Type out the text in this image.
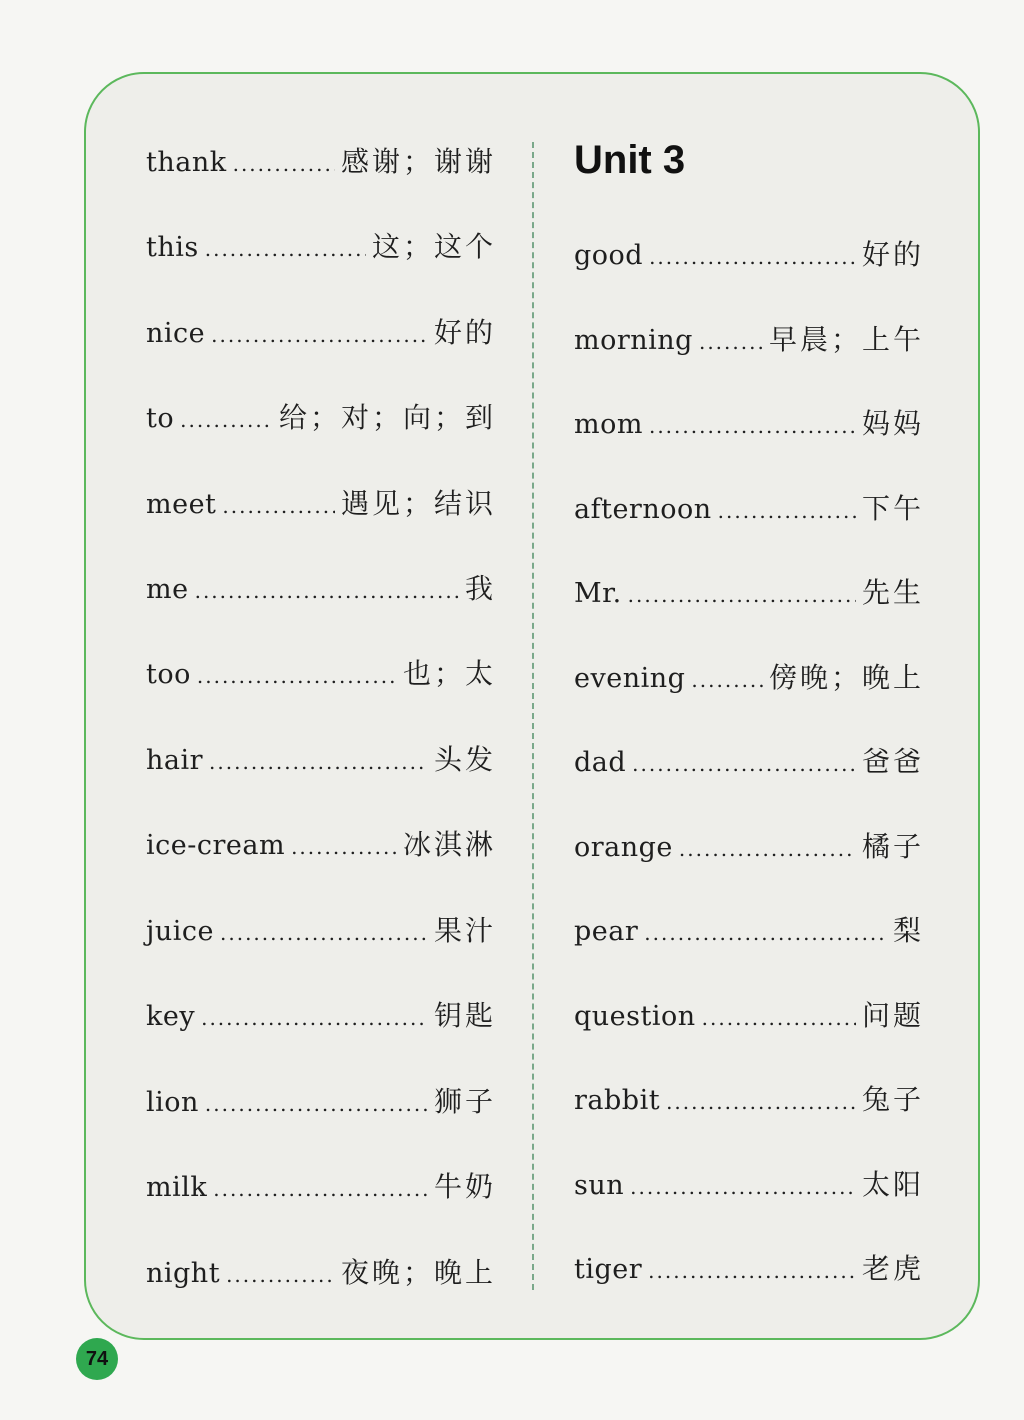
thank .....	感谢；谢谢
this .....	这；这个
nice .....	好的
to .....	给；对；向；到
meet .....	遇见；结识
me .....	我
too .....	也；太
hair .....	头发
ice-cream .....	冰淇淋
juice .....	果汁
key .....	钥匙
lion .....	狮子
milk .....	牛奶
night .....	夜晚；晚上
Unit 3
good .....	好的
morning .....	早晨；上午
mom .....	妈妈
afternoon .....	下午
Mr. .....	先生
evening .....	傍晚；晚上
dad .....	爸爸
orange .....	橘子
pear .....	梨
question .....	问题
rabbit .....	兔子
sun .....	太阳
tiger .....	老虎
74
